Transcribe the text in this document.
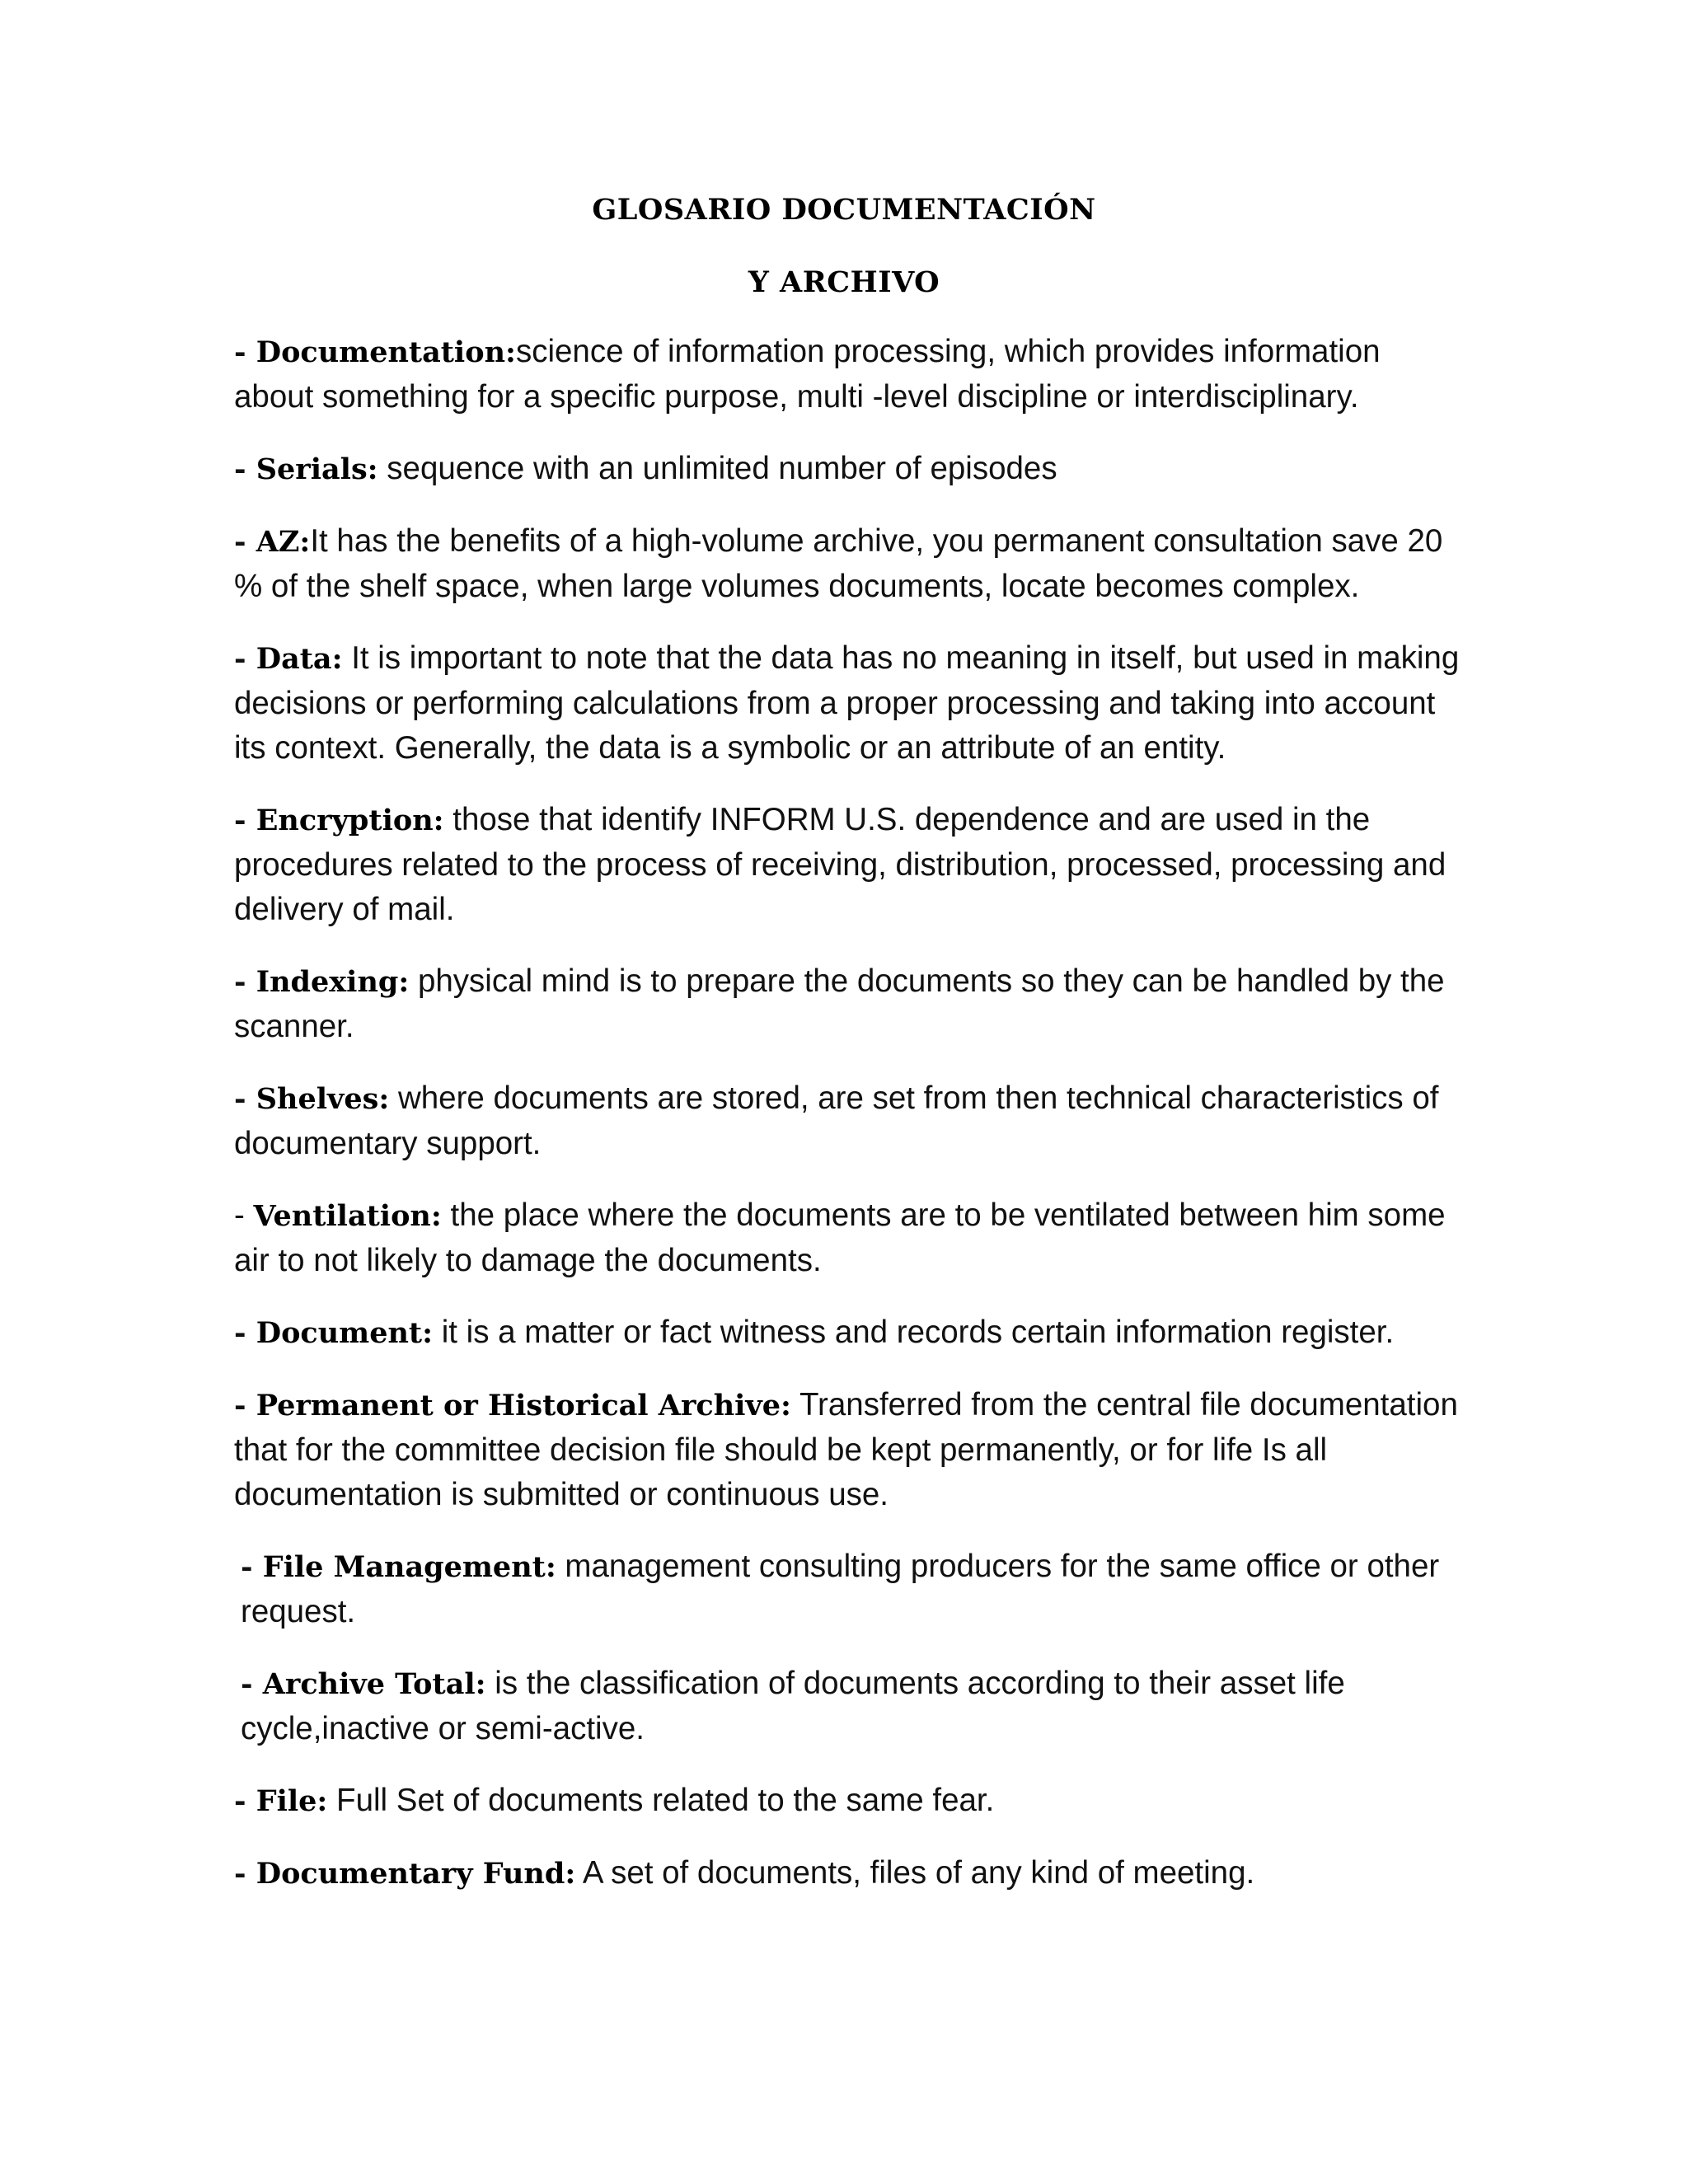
GLOSARIO DOCUMENTACIÓN
Y ARCHIVO

- Documentation:science of information processing, which provides information about something for a specific purpose, multi -level discipline or interdisciplinary.

- Serials: sequence with an unlimited number of episodes

- AZ:It has the benefits of a high-volume archive, you permanent consultation save 20 % of the shelf space, when large volumes documents, locate becomes complex.

- Data: It is important to note that the data has no meaning in itself, but used in making decisions or performing calculations from a proper processing and taking into account its context. Generally, the data is a symbolic or an attribute of an entity.

- Encryption: those that identify INFORM U.S. dependence and are used in the procedures related to the process of receiving, distribution, processed, processing and delivery of mail.

- Indexing: physical mind is to prepare the documents so they can be handled by the scanner.

- Shelves: where documents are stored, are set from then technical characteristics of documentary support.

- Ventilation: the place where the documents are to be ventilated between him some air to not likely to damage the documents.

- Document: it is a matter or fact witness and records certain information register.

- Permanent or Historical Archive: Transferred from the central file documentation that for the committee decision file should be kept permanently, or for life Is all documentation is submitted or continuous use.

- File Management: management consulting producers for the same office or other request.

- Archive Total: is the classification of documents according to their asset life cycle,inactive or semi-active.

- File: Full Set of documents related to the same fear.

- Documentary Fund: A set of documents, files of any kind of meeting.
